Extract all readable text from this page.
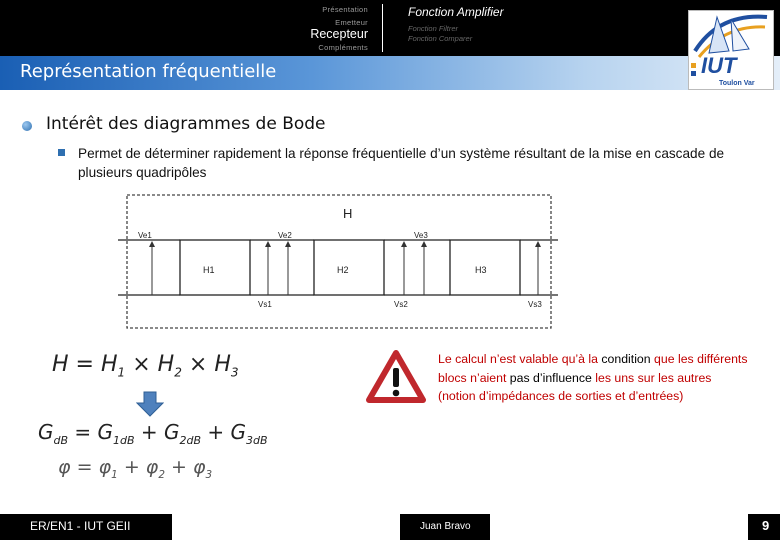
Présentation
Emetteur
Recepteur
Compléments
Fonction Amplifier
Fonction Filtrer
Fonction Comparer
Représentation fréquentielle	IUT
Toulon Var
Intérêt des diagrammes de Bode
Permet de déterminer rapidement la réponse fréquentielle d’un système résultant de la mise en cascade de plusieurs quadripôles
H
H1	H2	H3
Ve1	Ve2	Ve3
Vs1	Vs2	Vs3
$H = H_1 \times H_2 \times H_3$
$G_{dB} = G_{1dB} + G_{2dB} + G_{3dB}$
$\varphi = \varphi_1 + \varphi_2 + \varphi_3$
Le calcul n’est valable qu’à la condition que les différents blocs n’aient pas d’influence les uns sur les autres
(notion d’impédances de sorties et d’entrées)
ER/EN1 - IUT GEII	Juan Bravo	9
